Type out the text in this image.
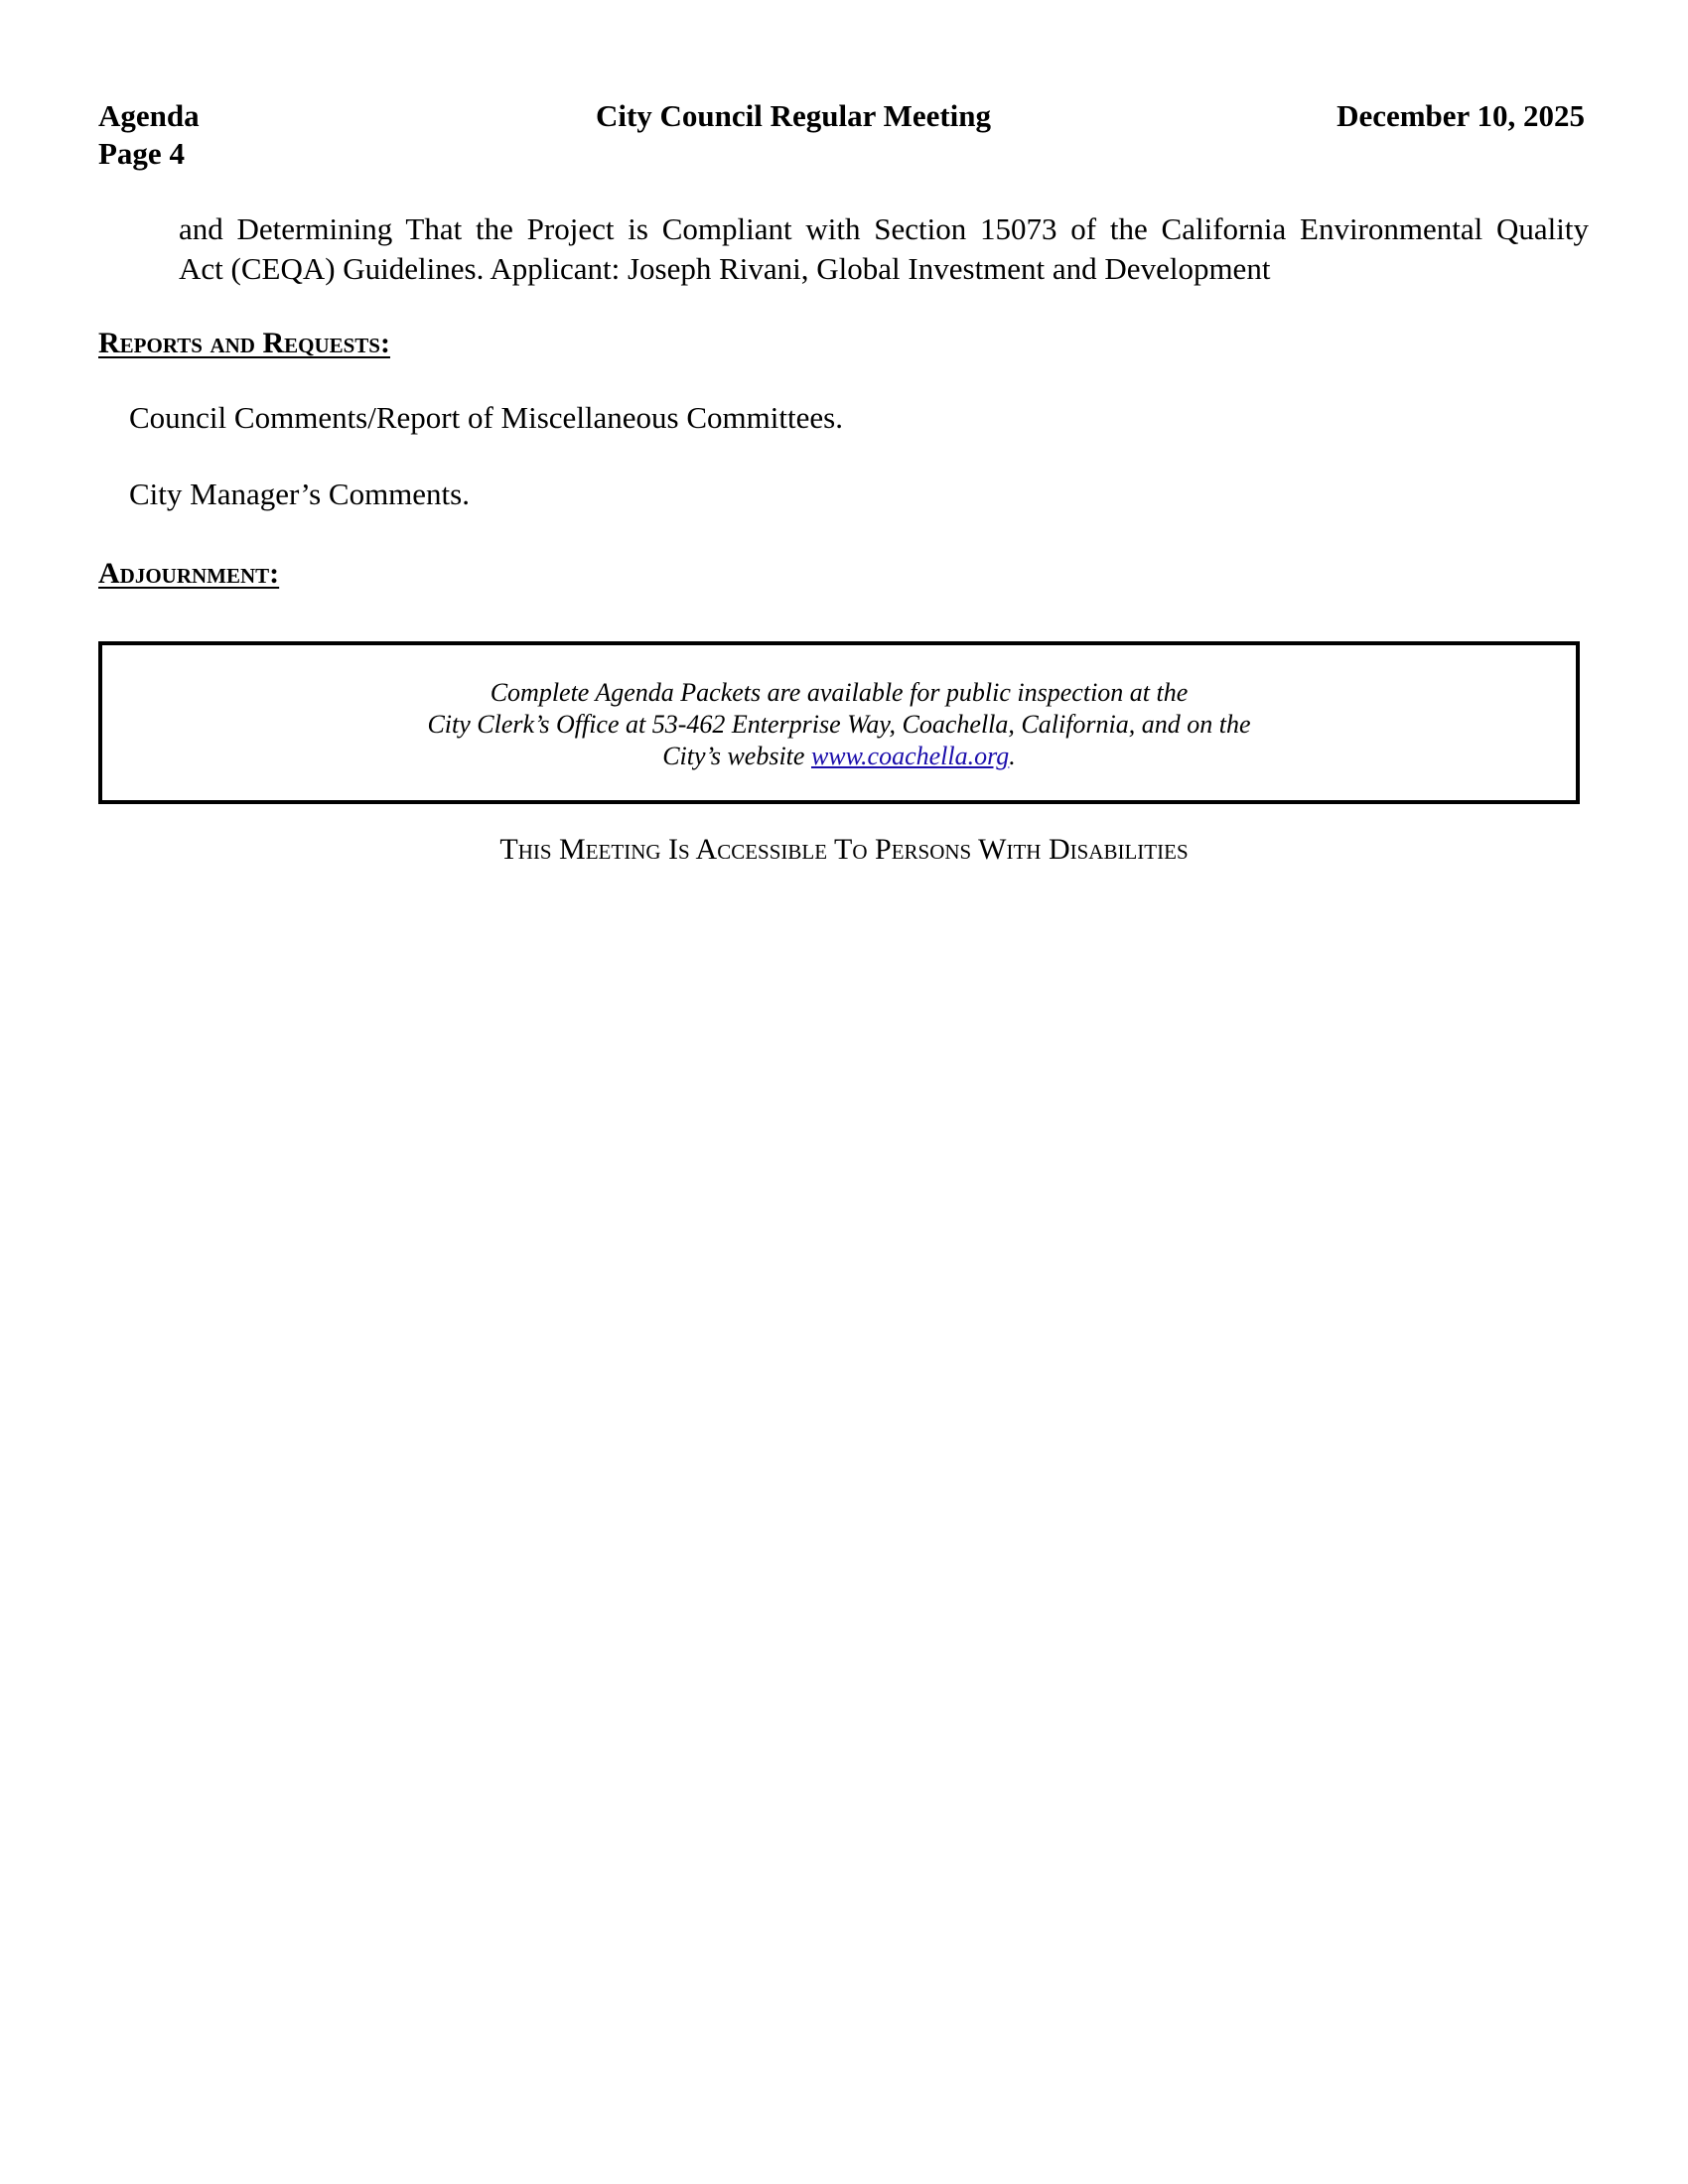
Agenda
Page 4
City Council Regular Meeting	December 10, 2025
and Determining That the Project is Compliant with Section 15073 of the California Environmental Quality
Act (CEQA) Guidelines. Applicant: Joseph Rivani, Global Investment and Development
Reports and Requests:
Council Comments/Report of Miscellaneous Committees.
City Manager’s Comments.
Adjournment:
Complete Agenda Packets are available for public inspection at the
City Clerk’s Office at 53-462 Enterprise Way, Coachella, California, and on the
City’s website www.coachella.org.
This Meeting Is Accessible To Persons With Disabilities
